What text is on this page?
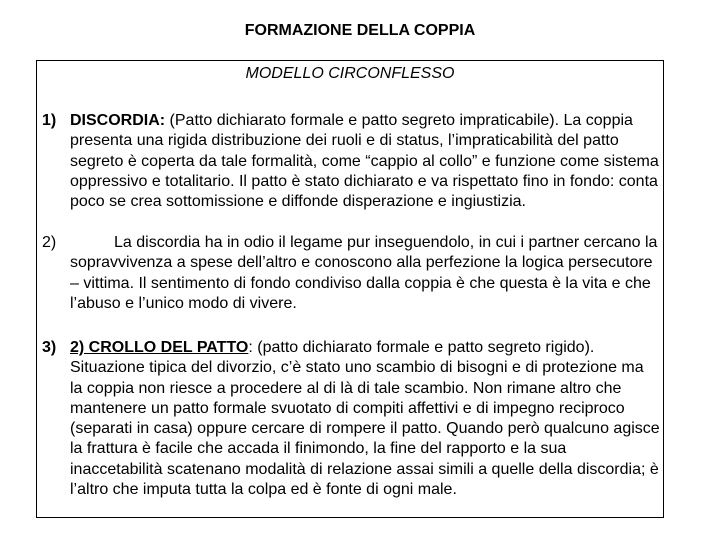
FORMAZIONE DELLA COPPIA
MODELLO CIRCONFLESSO
1) DISCORDIA: (Patto dichiarato formale e patto segreto impraticabile). La coppia presenta una rigida distribuzione dei ruoli e di status, l’impraticabilità del patto segreto è coperta da tale formalità, come “cappio al collo” e funzione come sistema oppressivo e totalitario. Il patto è stato dichiarato e va rispettato fino in fondo: conta poco se crea sottomissione e diffonde disperazione e ingiustizia.
2)	La discordia ha in odio il legame pur inseguendolo, in cui i partner cercano la sopravvivenza a spese dell’altro e conoscono alla perfezione la logica persecutore – vittima. Il sentimento di fondo condiviso dalla coppia è che questa è la vita e che l’abuso e l’unico modo di vivere.
3) 2) CROLLO DEL PATTO: (patto dichiarato formale e patto segreto rigido). Situazione tipica del divorzio, c’è stato uno scambio di bisogni e di protezione ma la coppia non riesce a procedere al di là di tale scambio. Non rimane altro che mantenere un patto formale svuotato di compiti affettivi e di impegno reciproco (separati in casa) oppure cercare di rompere il patto. Quando però qualcuno agisce la frattura è facile che accada il finimondo, la fine del rapporto e la sua inaccetabilità scatenano modalità di relazione assai simili a quelle della discordia; è l’altro che imputa tutta la colpa ed è fonte di ogni male.
